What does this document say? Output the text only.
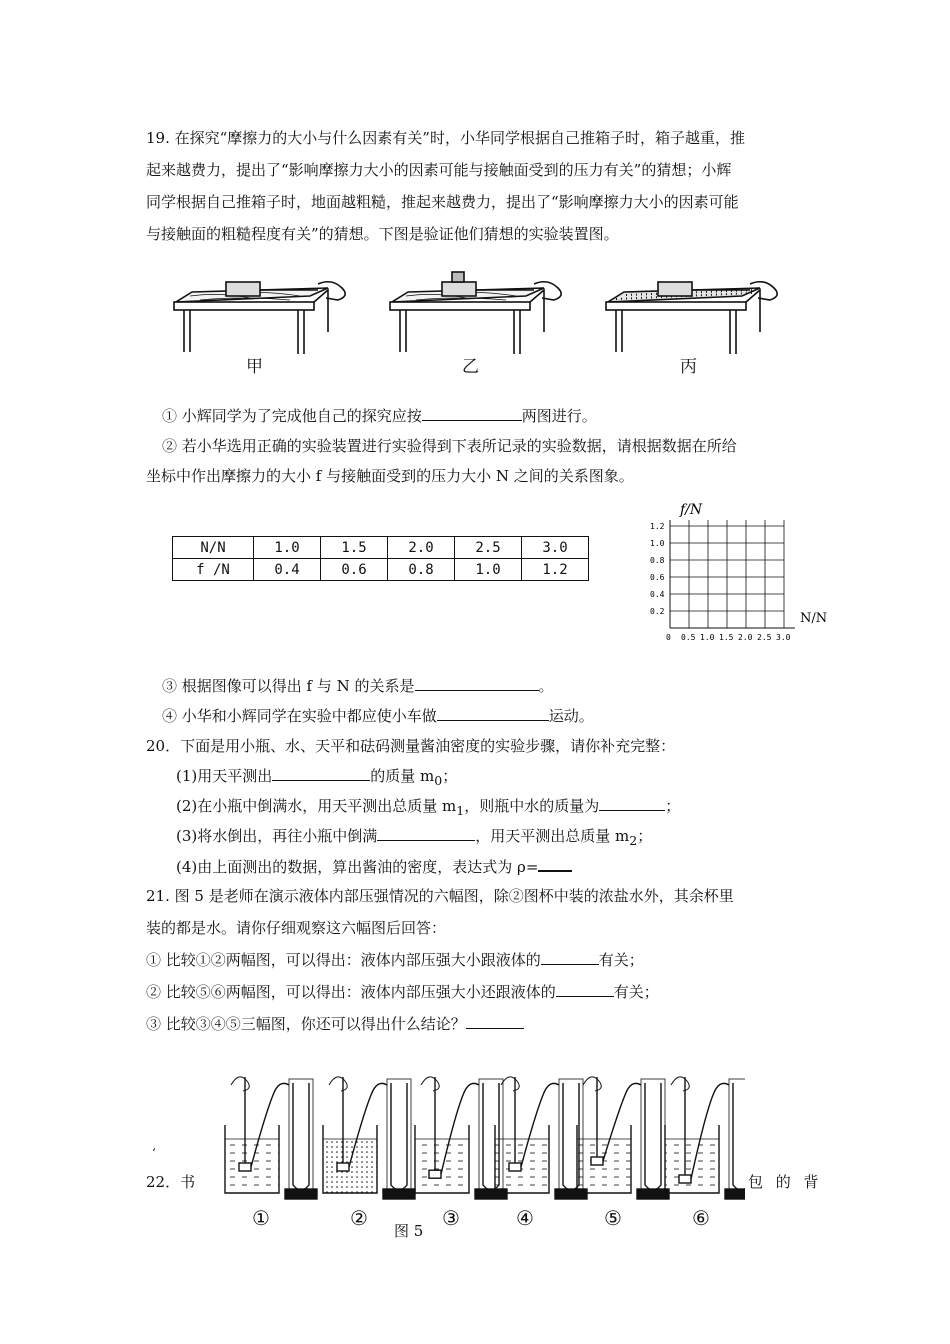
19. 在探究“摩擦力的大小与什么因素有关”时，小华同学根据自己推箱子时，箱子越重，推
起来越费力，提出了“影响摩擦力大小的因素可能与接触面受到的压力有关”的猜想；小辉
同学根据自己推箱子时，地面越粗糙，推起来越费力，提出了“影响摩擦力大小的因素可能
与接触面的粗糙程度有关”的猜想。下图是验证他们猜想的实验装置图。
甲	乙	丙
① 小辉同学为了完成他自己的探究应按	两图进行。
② 若小华选用正确的实验装置进行实验得到下表所记录的实验数据，请根据数据在所给
坐标中作出摩擦力的大小 f 与接触面受到的压力大小 N 之间的关系图象。
N/N	1.0	1.5	2.0	2.5	3.0
f /N	0.4	0.6	0.8	1.0	1.2
f/N
N/N
0
1.2
1.0
0.8
0.6
0.4
0.2
0.5 1.0 1.5 2.0 2.5 3.0
③ 根据图像可以得出 f 与 N 的关系是	。
④ 小华和小辉同学在实验中都应使小车做	运动。
20．下面是用小瓶、水、天平和砝码测量酱油密度的实验步骤，请你补充完整：
(1)用天平测出	的质量 $m_0$；
(2)在小瓶中倒满水，用天平测出总质量 $m_1$，则瓶中水的质量为	；
(3)将水倒出，再往小瓶中倒满	，用天平测出总质量 $m_2$；
(4)由上面测出的数据，算出酱油的密度，表达式为 ρ=
21. 图 5 是老师在演示液体内部压强情况的六幅图，除②图杯中装的浓盐水外，其余杯里
装的都是水。请你仔细观察这六幅图后回答：
① 比较①②两幅图，可以得出：液体内部压强大小跟液体的	有关；
② 比较⑤⑥两幅图，可以得出：液体内部压强大小还跟液体的	有关；
③ 比较③④⑤三幅图，你还可以得出什么结论？
①	②	③	④	⑤	⑥
图 5
‘
22．书	包 的 背
